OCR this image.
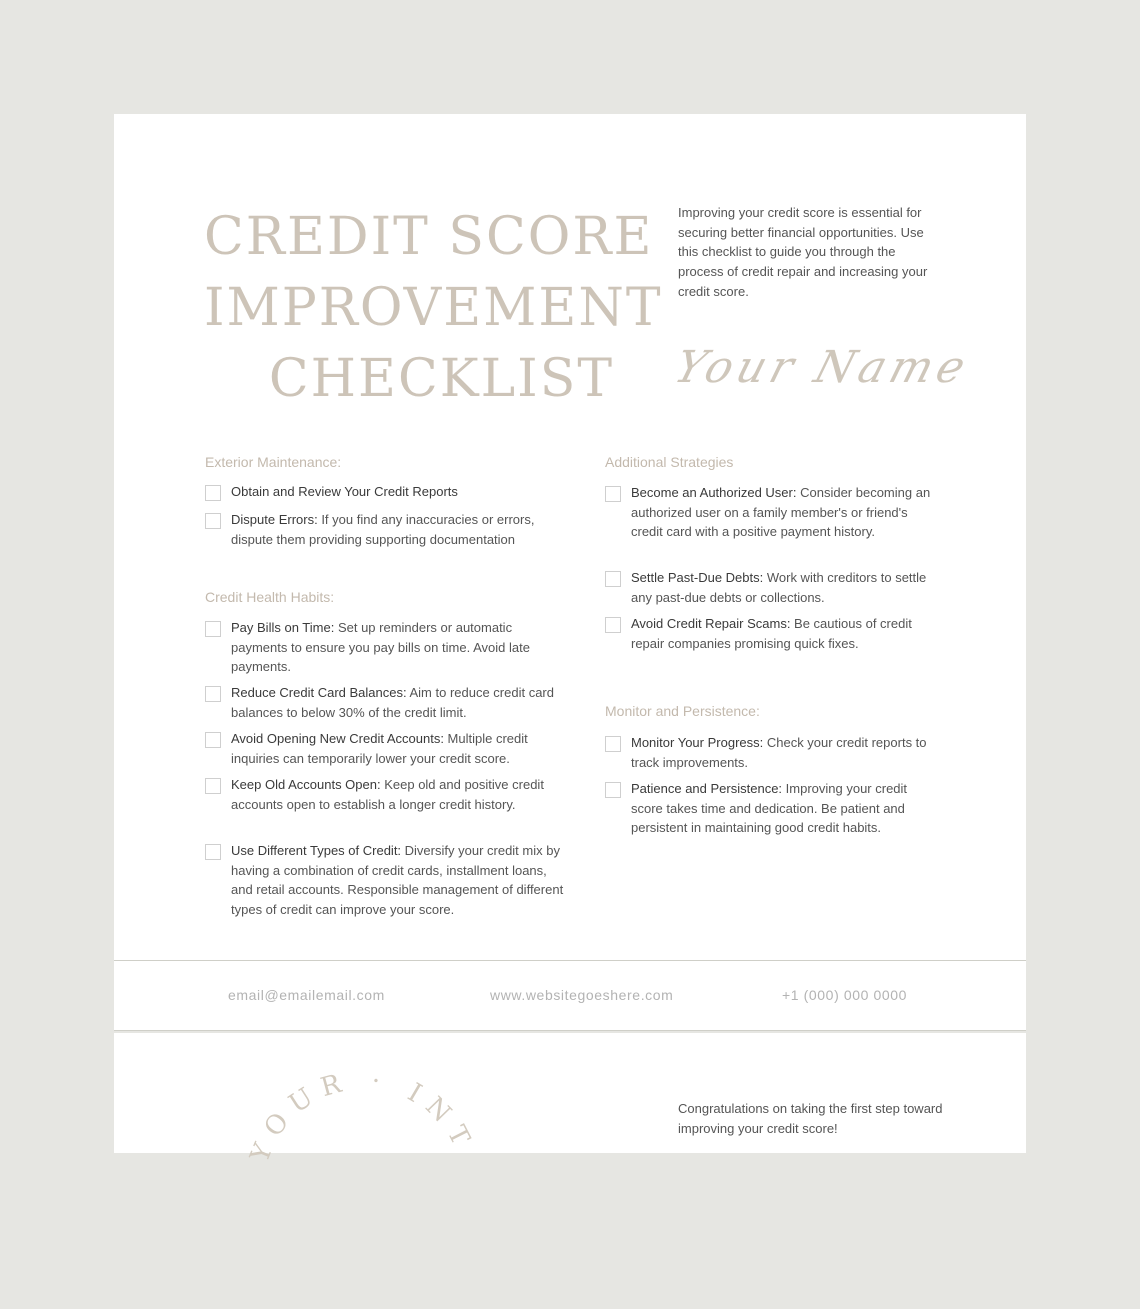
CREDIT SCORE
IMPROVEMENT
CHECKLIST

Improving your credit score is essential for securing better financial opportunities. Use this checklist to guide you through the process of credit repair and increasing your credit score.

Your Name
Exterior Maintenance:
Obtain and Review Your Credit Reports
Dispute Errors: If you find any inaccuracies or errors, dispute them providing supporting documentation
Credit Health Habits:
Pay Bills on Time: Set up reminders or automatic payments to ensure you pay bills on time. Avoid late payments.
Reduce Credit Card Balances: Aim to reduce credit card balances to below 30% of the credit limit.
Avoid Opening New Credit Accounts: Multiple credit inquiries can temporarily lower your credit score.
Keep Old Accounts Open: Keep old and positive credit accounts open to establish a longer credit history.
Use Different Types of Credit: Diversify your credit mix by having a combination of credit cards, installment loans, and retail accounts. Responsible management of different types of credit can improve your score.
Additional Strategies
Become an Authorized User: Consider becoming an authorized user on a family member's or friend's credit card with a positive payment history.
Settle Past-Due Debts: Work with creditors to settle any past-due debts or collections.
Avoid Credit Repair Scams: Be cautious of credit repair companies promising quick fixes.
Monitor and Persistence:
Monitor Your Progress: Check your credit reports to track improvements.
Patience and Persistence: Improving your credit score takes time and dedication. Be patient and persistent in maintaining good credit habits.
email@emailemail.com	www.websitegoeshere.com	+1 (000) 000 0000
YOUR · INT

Congratulations on taking the first step toward improving your credit score!
